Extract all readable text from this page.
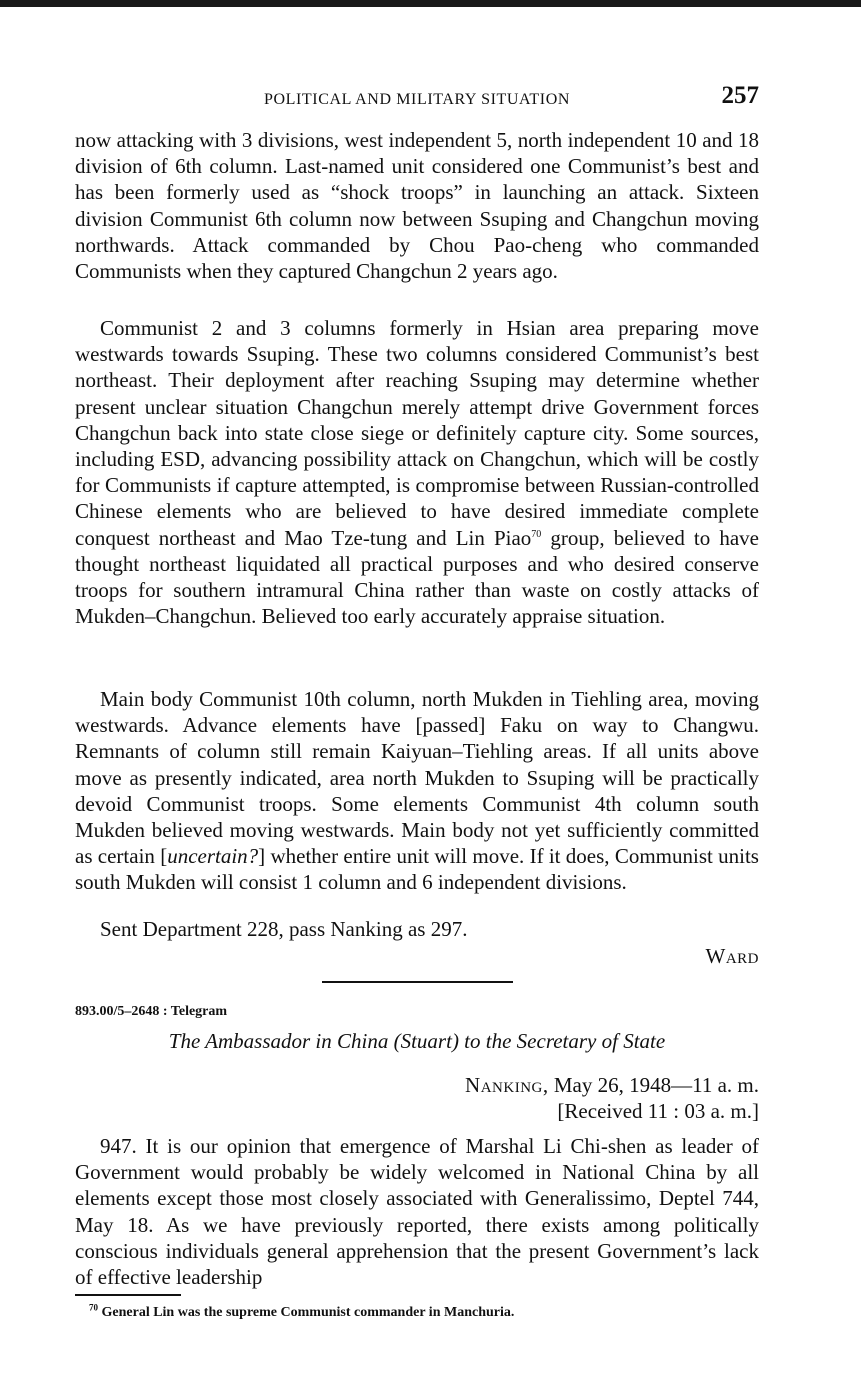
POLITICAL AND MILITARY SITUATION	257

now attacking with 3 divisions, west independent 5, north independent 10 and 18 division of 6th column. Last-named unit considered one Communist’s best and has been formerly used as “shock troops” in launching an attack. Sixteen division Communist 6th column now between Ssuping and Changchun moving northwards. Attack commanded by Chou Pao-cheng who commanded Communists when they captured Changchun 2 years ago.

Communist 2 and 3 columns formerly in Hsian area preparing move westwards towards Ssuping. These two columns considered Communist’s best northeast. Their deployment after reaching Ssuping may determine whether present unclear situation Changchun merely attempt drive Government forces Changchun back into state close siege or definitely capture city. Some sources, including ESD, advancing possibility attack on Changchun, which will be costly for Communists if capture attempted, is compromise between Russian-controlled Chinese elements who are believed to have desired immediate complete conquest northeast and Mao Tze-tung and Lin Piao$^{70}$ group, believed to have thought northeast liquidated all practical purposes and who desired conserve troops for southern intramural China rather than waste on costly attacks of Mukden–Changchun. Believed too early accurately appraise situation.

Main body Communist 10th column, north Mukden in Tiehling area, moving westwards. Advance elements have [passed] Faku on way to Changwu. Remnants of column still remain Kaiyuan–Tiehling areas. If all units above move as presently indicated, area north Mukden to Ssuping will be practically devoid Communist troops. Some elements Communist 4th column south Mukden believed moving westwards. Main body not yet sufficiently committed as certain [uncertain?] whether entire unit will move. If it does, Communist units south Mukden will consist 1 column and 6 independent divisions.

Sent Department 228, pass Nanking as 297.

Ward
893.00/5–2648 : Telegram
The Ambassador in China (Stuart) to the Secretary of State
Nanking, May 26, 1948—11 a. m.
[Received 11 : 03 a. m.]

947. It is our opinion that emergence of Marshal Li Chi-shen as leader of Government would probably be widely welcomed in National China by all elements except those most closely associated with Generalissimo, Deptel 744, May 18. As we have previously reported, there exists among politically conscious individuals general apprehension that the present Government’s lack of effective leadership

$^{70}$ General Lin was the supreme Communist commander in Manchuria.
